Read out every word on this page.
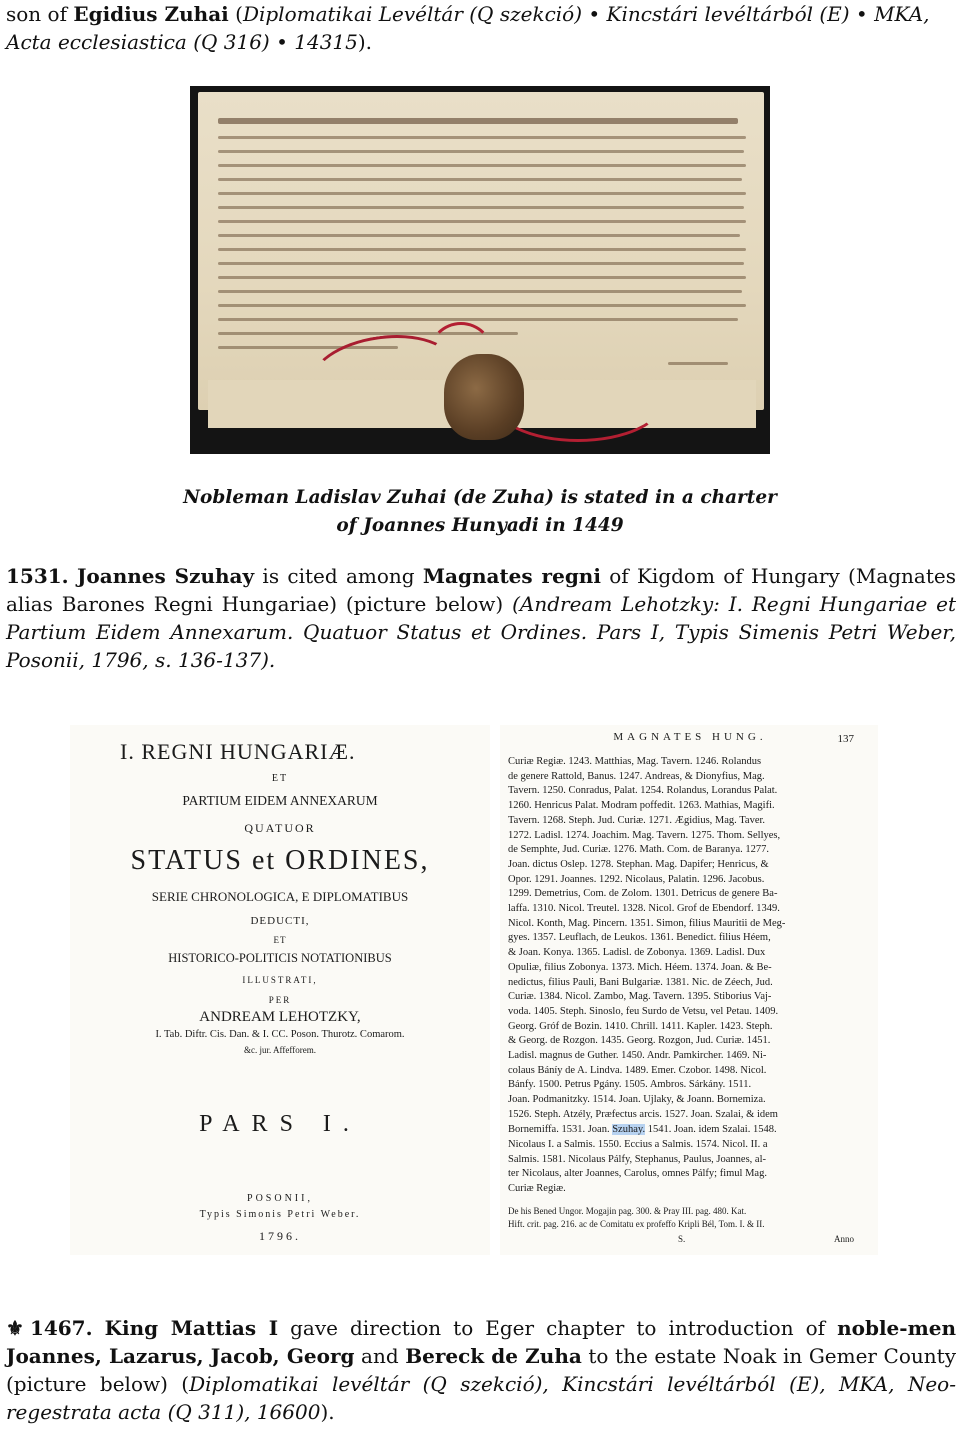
son of Egidius Zuhai (Diplomatikai Levéltár (Q szekció) • Kincstári levéltárból (E) • MKA, Acta ecclesiastica (Q 316) • 14315).

Nobleman Ladislav Zuhai (de Zuha) is stated in a charter
of Joannes Hunyadi in 1449

1531. Joannes Szuhay is cited among Magnates regni of Kigdom of Hungary (Magnates alias Barones Regni Hungariae) (picture below) (Andream Lehotzky: I. Regni Hungariae et Partium Eidem Annexarum. Quatuor Status et Ordines. Pars I, Typis Simenis Petri Weber, Posonii, 1796, s. 136-137).

I. REGNI HUNGARIÆ.

ET

PARTIUM EIDEM ANNEXARUM

QUATUOR

STATUS et ORDINES,

SERIE CHRONOLOGICA, E DIPLOMATIBUS

DEDUCTI,

ET

HISTORICO-POLITICIS NOTATIONIBUS

ILLUSTRATI,

PER

ANDREAM LEHOTZKY,

I. Tab. Diftr. Cis. Dan. & I. CC. Poson. Thurotz. Comarom.

&c. jur. Affefforem.

PARS I.

POSONII,

Typis Simonis Petri Weber.

1796.

MAGNATES HUNG.	137

Curiæ Regiæ. 1243. Matthias, Mag. Tavern. 1246. Rolandus

de genere Rattold, Banus. 1247. Andreas, & Dionyfius, Mag.

Tavern. 1250. Conradus, Palat. 1254. Rolandus, Lorandus Palat.

1260. Henricus Palat. Modram poffedit. 1263. Mathias, Magifi.

Tavern. 1268. Steph. Jud. Curiæ. 1271. Ægidius, Mag. Taver.

1272. Ladisl. 1274. Joachim. Mag. Tavern. 1275. Thom. Sellyes,

de Semphte, Jud. Curiæ. 1276. Math. Com. de Baranya. 1277.

Joan. dictus Oslep. 1278. Stephan. Mag. Dapifer; Henricus, &

Opor. 1291. Joannes. 1292. Nicolaus, Palatin. 1296. Jacobus.

1299. Demetrius, Com. de Zolom. 1301. Detricus de genere Ba-

laffa. 1310. Nicol. Treutel. 1328. Nicol. Grof de Ebendorf. 1349.

Nicol. Konth, Mag. Pincern. 1351. Simon, filius Mauritii de Meg-

gyes. 1357. Leuflach, de Leukos. 1361. Benedict. filius Héem,

& Joan. Konya. 1365. Ladisl. de Zobonya. 1369. Ladisl. Dux

Opuliæ, filius Zobonya. 1373. Mich. Héem. 1374. Joan. & Be-

nedictus, filius Pauli, Bani Bulgariæ. 1381. Nic. de Zéech, Jud.

Curiæ. 1384. Nicol. Zambo, Mag. Tavern. 1395. Stiborius Vaj-

voda. 1405. Steph. Sinoslo, feu Surdo de Vetsu, vel Petau. 1409.

Georg. Gróf de Bozin. 1410. Chrill. 1411. Kapler. 1423. Steph.

& Georg. de Rozgon. 1435. Georg. Rozgon, Jud. Curiæ. 1451.

Ladisl. magnus de Guther. 1450. Andr. Pamkircher. 1469. Ni-

colaus Báníy de A. Lindva. 1489. Emer. Czobor. 1498. Nicol.

Bánfy. 1500. Petrus Pgány. 1505. Ambros. Sárkány. 1511.

Joan. Podmanitzky. 1514. Joan. Ujlaky, & Joann. Bornemiza.

1526. Steph. Atzély, Præfectus arcis. 1527. Joan. Szalai, & idem

Bornemiffa. 1531. Joan. Szuhay. 1541. Joan. idem Szalai. 1548.

Nicolaus I. a Salmis. 1550. Eccius a Salmis. 1574. Nicol. II. a

Salmis. 1581. Nicolaus Pálfy, Stephanus, Paulus, Joannes, al-

ter Nicolaus, alter Joannes, Carolus, omnes Pálfy; fimul Mag.

Curiæ Regiæ.

De his Bened Ungor. Mogajin pag. 300. & Pray III. pag. 480. Kat.

Hift. crit. pag. 216. ac de Comitatu ex profeffo Kripli Bél, Tom. I. & II.

S.	Anno

⚜ 1467. King Mattias I gave direction to Eger chapter to introduction of noble-men Joannes, Lazarus, Jacob, Georg and Bereck de Zuha to the estate Noak in Gemer County (picture below) (Diplomatikai levéltár (Q szekció), Kincstári levéltárból (E), MKA, Neo-regestrata acta (Q 311), 16600).
